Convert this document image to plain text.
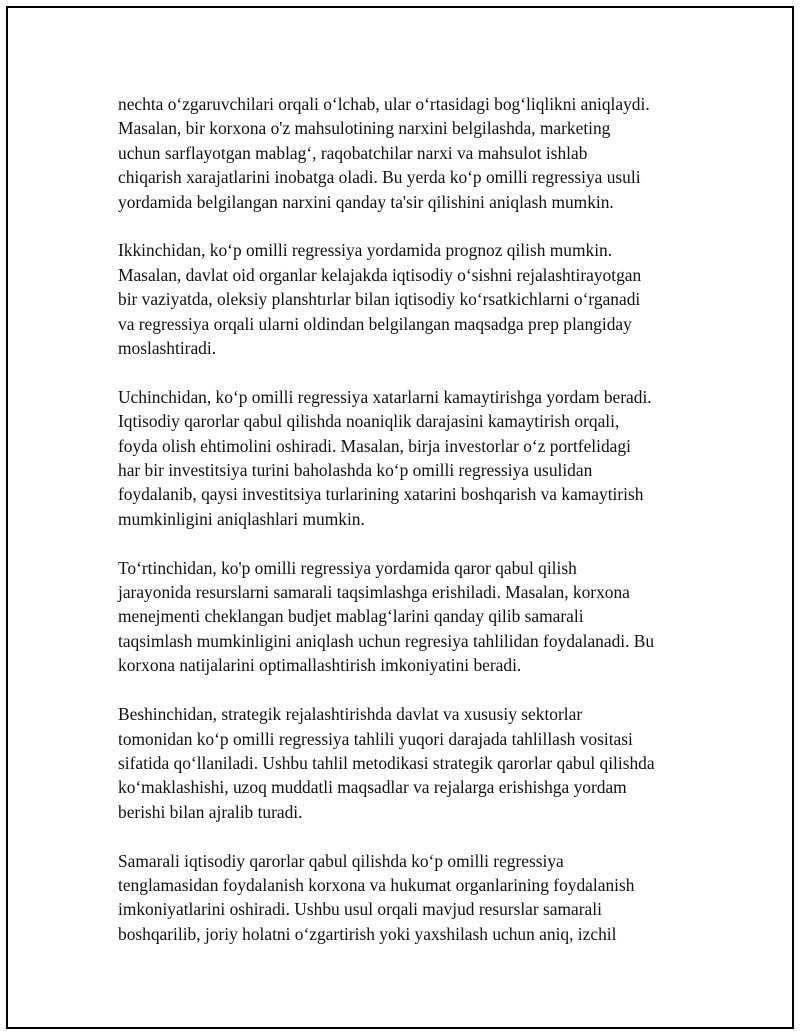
nechta o‘zgaruvchilari orqali o‘lchab, ular o‘rtasidagi bog‘liqlikni aniqlaydi.
Masalan, bir korxona o'z mahsulotining narxini belgilashda, marketing
uchun sarflayotgan mablag‘, raqobatchilar narxi va mahsulot ishlab
chiqarish xarajatlarini inobatga oladi. Bu yerda ko‘p omilli regressiya usuli
yordamida belgilangan narxini qanday ta'sir qilishini aniqlash mumkin.

Ikkinchidan, ko‘p omilli regressiya yordamida prognoz qilish mumkin.
Masalan, davlat oid organlar kelajakda iqtisodiy o‘sishni rejalashtirayotgan
bir vaziyatda, oleksiy planshtırlar bilan iqtisodiy ko‘rsatkichlarni o‘rganadi
va regressiya orqali ularni oldindan belgilangan maqsadga prep plangiday
moslashtiradi.

Uchinchidan, ko‘p omilli regressiya xatarlarni kamaytirishga yordam beradi.
Iqtisodiy qarorlar qabul qilishda noaniqlik darajasini kamaytirish orqali,
foyda olish ehtimolini oshiradi. Masalan, birja investorlar o‘z portfelidagi
har bir investitsiya turini baholashda ko‘p omilli regressiya usulidan
foydalanib, qaysi investitsiya turlarining xatarini boshqarish va kamaytirish
mumkinligini aniqlashlari mumkin.

To‘rtinchidan, ko'p omilli regressiya yordamida qaror qabul qilish
jarayonida resurslarni samarali taqsimlashga erishiladi. Masalan, korxona
menejmenti cheklangan budjet mablag‘larini qanday qilib samarali
taqsimlash mumkinligini aniqlash uchun regresiya tahlilidan foydalanadi. Bu
korxona natijalarini optimallashtirish imkoniyatini beradi.

Beshinchidan, strategik rejalashtirishda davlat va xususiy sektorlar
tomonidan ko‘p omilli regressiya tahlili yuqori darajada tahlillash vositasi
sifatida qo‘llaniladi. Ushbu tahlil metodikasi strategik qarorlar qabul qilishda
ko‘maklashishi, uzoq muddatli maqsadlar va rejalarga erishishga yordam
berishi bilan ajralib turadi.

Samarali iqtisodiy qarorlar qabul qilishda ko‘p omilli regressiya
tenglamasidan foydalanish korxona va hukumat organlarining foydalanish
imkoniyatlarini oshiradi. Ushbu usul orqali mavjud resurslar samarali
boshqarilib, joriy holatni o‘zgartirish yoki yaxshilash uchun aniq, izchil
